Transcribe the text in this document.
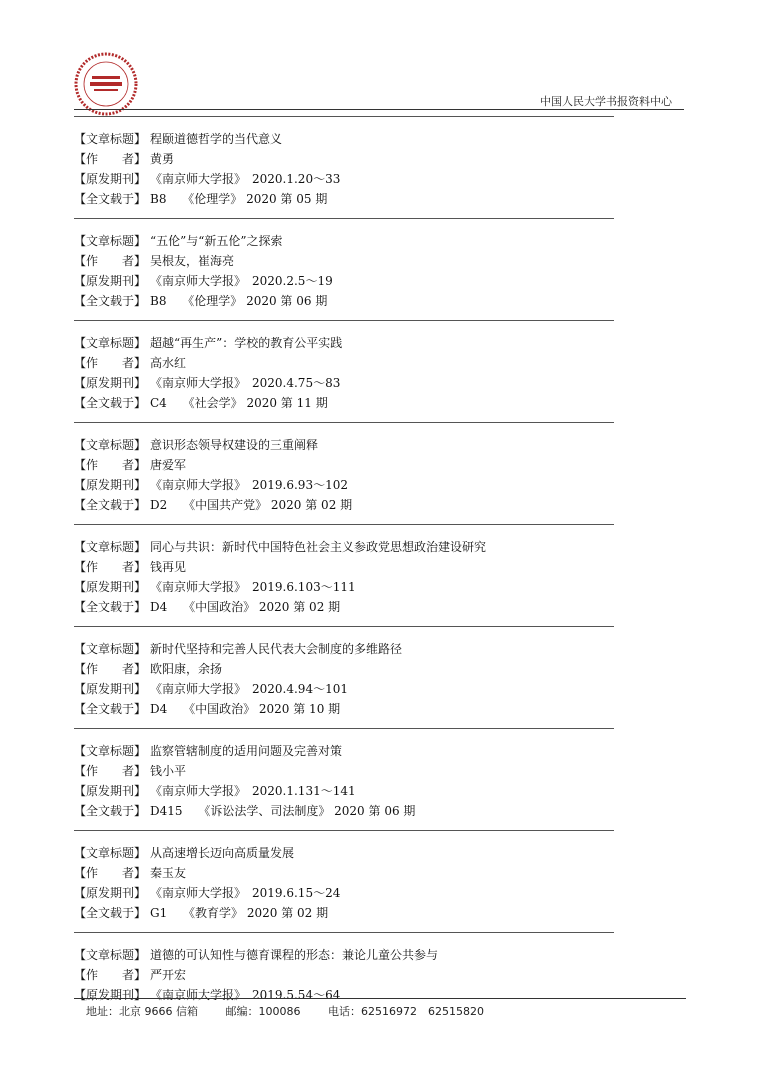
中国人民大学书报资料中心
【文章标题】 程颐道德哲学的当代意义
【作　　者】 黄勇
【原发期刊】 《南京师大学报》　2020.1.20～33
【全文载于】 B8　 《伦理学》 2020 第 05 期
【文章标题】 “五伦”与“新五伦”之探索
【作　　者】 吴根友，崔海亮
【原发期刊】 《南京师大学报》　2020.2.5～19
【全文载于】 B8　 《伦理学》 2020 第 06 期
【文章标题】 超越“再生产”：学校的教育公平实践
【作　　者】 高水红
【原发期刊】 《南京师大学报》　2020.4.75～83
【全文载于】 C4　 《社会学》 2020 第 11 期
【文章标题】 意识形态领导权建设的三重阐释
【作　　者】 唐爱军
【原发期刊】 《南京师大学报》　2019.6.93～102
【全文载于】 D2　 《中国共产党》 2020 第 02 期
【文章标题】 同心与共识：新时代中国特色社会主义参政党思想政治建设研究
【作　　者】 钱再见
【原发期刊】 《南京师大学报》　2019.6.103～111
【全文载于】 D4　 《中国政治》 2020 第 02 期
【文章标题】 新时代坚持和完善人民代表大会制度的多维路径
【作　　者】 欧阳康，余扬
【原发期刊】 《南京师大学报》　2020.4.94～101
【全文载于】 D4　 《中国政治》 2020 第 10 期
【文章标题】 监察管辖制度的适用问题及完善对策
【作　　者】 钱小平
【原发期刊】 《南京师大学报》　2020.1.131～141
【全文载于】 D415　 《诉讼法学、司法制度》 2020 第 06 期
【文章标题】 从高速增长迈向高质量发展
【作　　者】 秦玉友
【原发期刊】 《南京师大学报》　2019.6.15～24
【全文载于】 G1　 《教育学》 2020 第 02 期
【文章标题】 道德的可认知性与德育课程的形态：兼论儿童公共参与
【作　　者】 严开宏
【原发期刊】 《南京师大学报》　2019.5.54～64
地址：北京 9666 信箱	邮编：100086	电话：62516972　62515820
